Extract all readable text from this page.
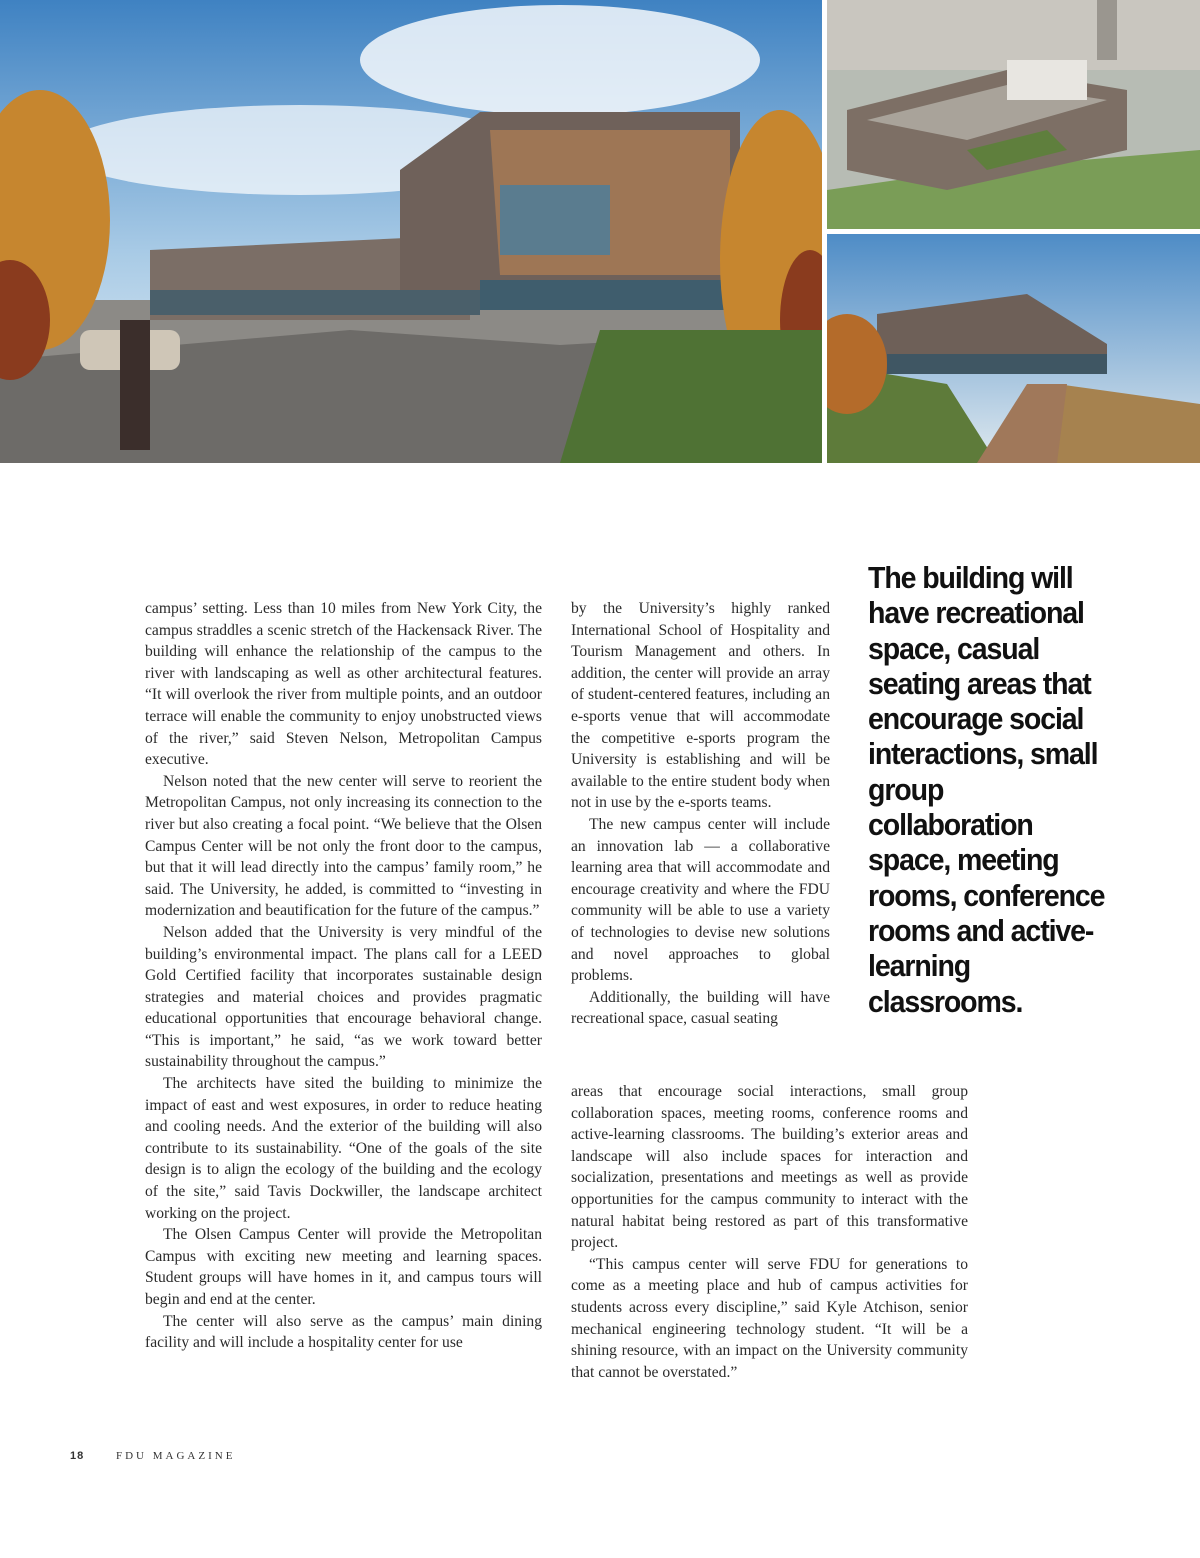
campus’ setting. Less than 10 miles from New York City, the campus straddles a scenic stretch of the Hackensack River. The building will enhance the relationship of the campus to the river with landscaping as well as other architectural features. “It will overlook the river from multiple points, and an outdoor terrace will enable the community to enjoy unobstructed views of the river,” said Steven Nelson, Metropolitan Campus executive.

Nelson noted that the new center will serve to reorient the Metropolitan Campus, not only increasing its connection to the river but also creating a focal point. “We believe that the Olsen Campus Center will be not only the front door to the campus, but that it will lead directly into the campus’ family room,” he said. The University, he added, is committed to “investing in modernization and beautification for the future of the campus.”

Nelson added that the University is very mindful of the building’s environmental impact. The plans call for a LEED Gold Certified facility that incorporates sustainable design strategies and material choices and provides pragmatic educational opportunities that encourage behavioral change. “This is important,” he said, “as we work toward better sustainability throughout the campus.”

The architects have sited the building to minimize the impact of east and west exposures, in order to reduce heating and cooling needs. And the exterior of the building will also contribute to its sustainability. “One of the goals of the site design is to align the ecology of the building and the ecology of the site,” said Tavis Dockwiller, the landscape architect working on the project.

The Olsen Campus Center will provide the Metropolitan Campus with exciting new meeting and learning spaces. Student groups will have homes in it, and campus tours will begin and end at the center.

The center will also serve as the campus’ main dining facility and will include a hospitality center for use

by the University’s highly ranked International School of Hospitality and Tourism Management and others. In addition, the center will provide an array of student-centered features, including an e-sports venue that will accommodate the competitive e-sports program the University is establishing and will be available to the entire student body when not in use by the e-sports teams.

The new campus center will include an innovation lab — a collaborative learning area that will accommodate and encourage creativity and where the FDU community will be able to use a variety of technologies to devise new solutions and novel approaches to global problems.

Additionally, the building will have recreational space, casual seating

areas that encourage social interactions, small group collaboration spaces, meeting rooms, conference rooms and active-learning classrooms. The building’s exterior areas and landscape will also include spaces for interaction and socialization, presentations and meetings as well as provide opportunities for the campus community to interact with the natural habitat being restored as part of this transformative project.

“This campus center will serve FDU for generations to come as a meeting place and hub of campus activities for students across every discipline,” said Kyle Atchison, senior mechanical engineering technology student. “It will be a shining resource, with an impact on the University community that cannot be overstated.”

The building will have recreational space, casual seating areas that encourage social interactions, small group collaboration space, meeting rooms, conference rooms and active-learning classrooms.
18	FDU MAGAZINE
